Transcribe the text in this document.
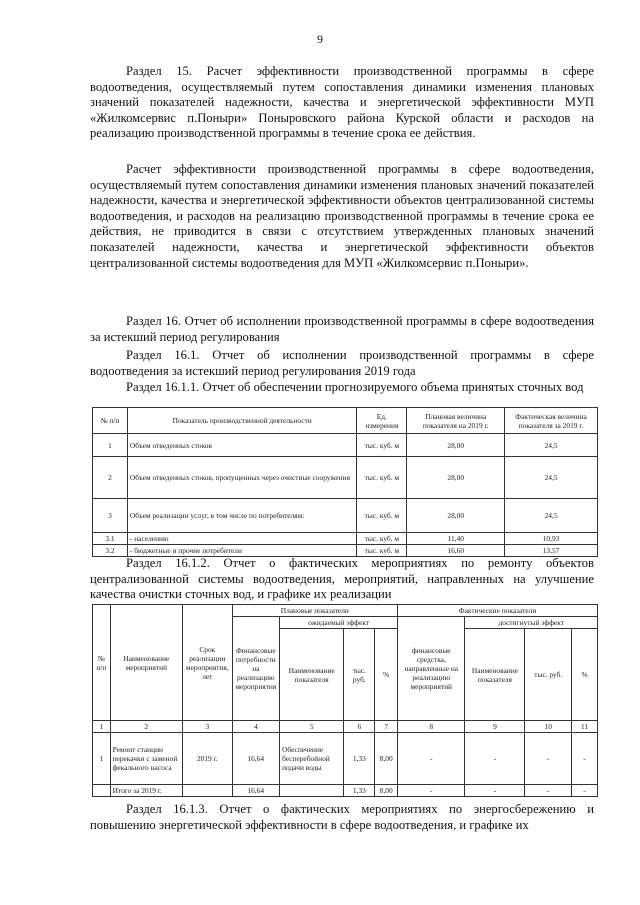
9
Раздел 15. Расчет эффективности производственной программы в сфере водоотведения, осуществляемый путем сопоставления динамики изменения плановых значений показателей надежности, качества и энергетической эффективности МУП «Жилкомсервис п.Поныри» Поныровского района Курской области и расходов на реализацию производственной программы в течение срока ее действия.
Расчет эффективности производственной программы в сфере водоотведения, осуществляемый путем сопоставления динамики изменения плановых значений показателей надежности, качества и энергетической эффективности объектов централизованной системы водоотведения, и расходов на реализацию производственной программы в течение срока ее действия, не приводится в связи с отсутствием утвержденных плановых значений показателей надежности, качества и энергетической эффективности объектов централизованной системы водоотведения для МУП «Жилкомсервис п.Поныри».
Раздел 16. Отчет об исполнении производственной программы в сфере водоотведения за истекший период регулирования
Раздел 16.1. Отчет об исполнении производственной программы в сфере водоотведения за истекший период регулирования 2019 года
Раздел 16.1.1. Отчет об обеспечении прогнозируемого объема принятых сточных вод
№ п/п	Показатель производственной деятельности	Ед. измерения	Плановая величина показателя на 2019 г.	Фактическая величина показателя за 2019 г.
1	Объем отведенных стоков	тыс. куб. м	28,00	24,5
2	Объем отведенных стоков, пропущенных через очистные сооружения	тыс. куб. м	28,00	24,5
3	Объем реализации услуг, в том числе по потребителям:	тыс. куб. м	28,00	24,5
3.1	- населению	тыс. куб. м	11,40	10,93
3.2	- бюджетные и прочие потребители	тыс. куб. м	16,60	13,57
Раздел 16.1.2. Отчет о фактических мероприятиях по ремонту объектов централизованной системы водоотведения, мероприятий, направленных на улучшение качества очистки сточных вод, и графике их реализации
№ п/п	Наименование мероприятий	Срок реализации мероприятия, лет	Плановые показатели				Фактические показатели			
			Финансовые потребности на реализацию мероприятия	ожидаемый эффект			финансовые средства, направленные на реализацию мероприятий	достигнутый эффект		
				Наименование показателя	тыс. руб.	%		Наименование показателя	тыс. руб.	%
1	2	3	4	5	6	7	8	9	10	11
1	Ремонт станции перекачки с заменой фекального насоса	2019 г.	16,64	Обеспечение бесперебойной подачи воды	1,33	8,00	-	-	-	-
	Итого за 2019 г.		16,64		1,33	8,00	-	-	-	-
Раздел 16.1.3. Отчет о фактических мероприятиях по энергосбережению и повышению энергетической эффективности в сфере водоотведения, и графике их
